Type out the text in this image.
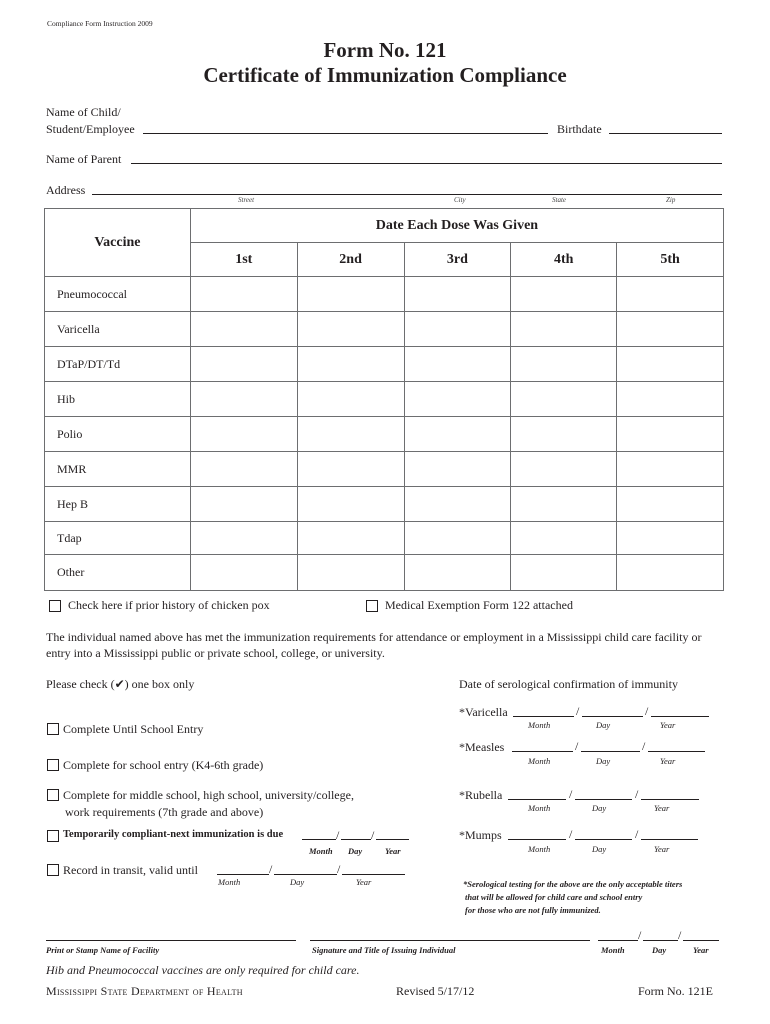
Compliance Form Instruction 2009
Form No. 121
Certificate of Immunization Compliance
Name of Child/
Student/Employee	Birthdate
Name of Parent
Address
Street	City	State	Zip
Vaccine	Date Each Dose Was Given				
	1st	2nd	3rd	4th	5th
Pneumococcal					
Varicella					
DTaP/DT/Td					
Hib					
Polio					
MMR					
Hep B					
Tdap					
Other					
Check here if prior history of chicken pox	Medical Exemption Form 122 attached
The individual named above has met the immunization requirements for attendance or employment in a Mississippi child care facility or entry into a Mississippi public or private school, college, or university.
Please check (✔) one box only
Complete Until School Entry
Complete for school entry (K4-6th grade)
Complete for middle school, high school, university/college,
work requirements (7th grade and above)
Temporarily compliant-next immunization is due	/	/
Month Day	Year
Record in transit, valid until	/	/
Month	Day	Year
Date of serological confirmation of immunity
*Varicella	/	/
Month	Day	Year
*Measles	/	/
Month	Day	Year
*Rubella	/	/
Month	Day	Year
*Mumps	/	/
Month	Day	Year
*Serological testing for the above are the only acceptable titers
that will be allowed for child care and school entry
for those who are not fully immunized.
/	/
Print or Stamp Name of Facility	Signature and Title of Issuing Individual	Month	Day	Year
Hib and Pneumococcal vaccines are only required for child care.
Mississippi State Department of Health	Revised 5/17/12	Form No. 121E
